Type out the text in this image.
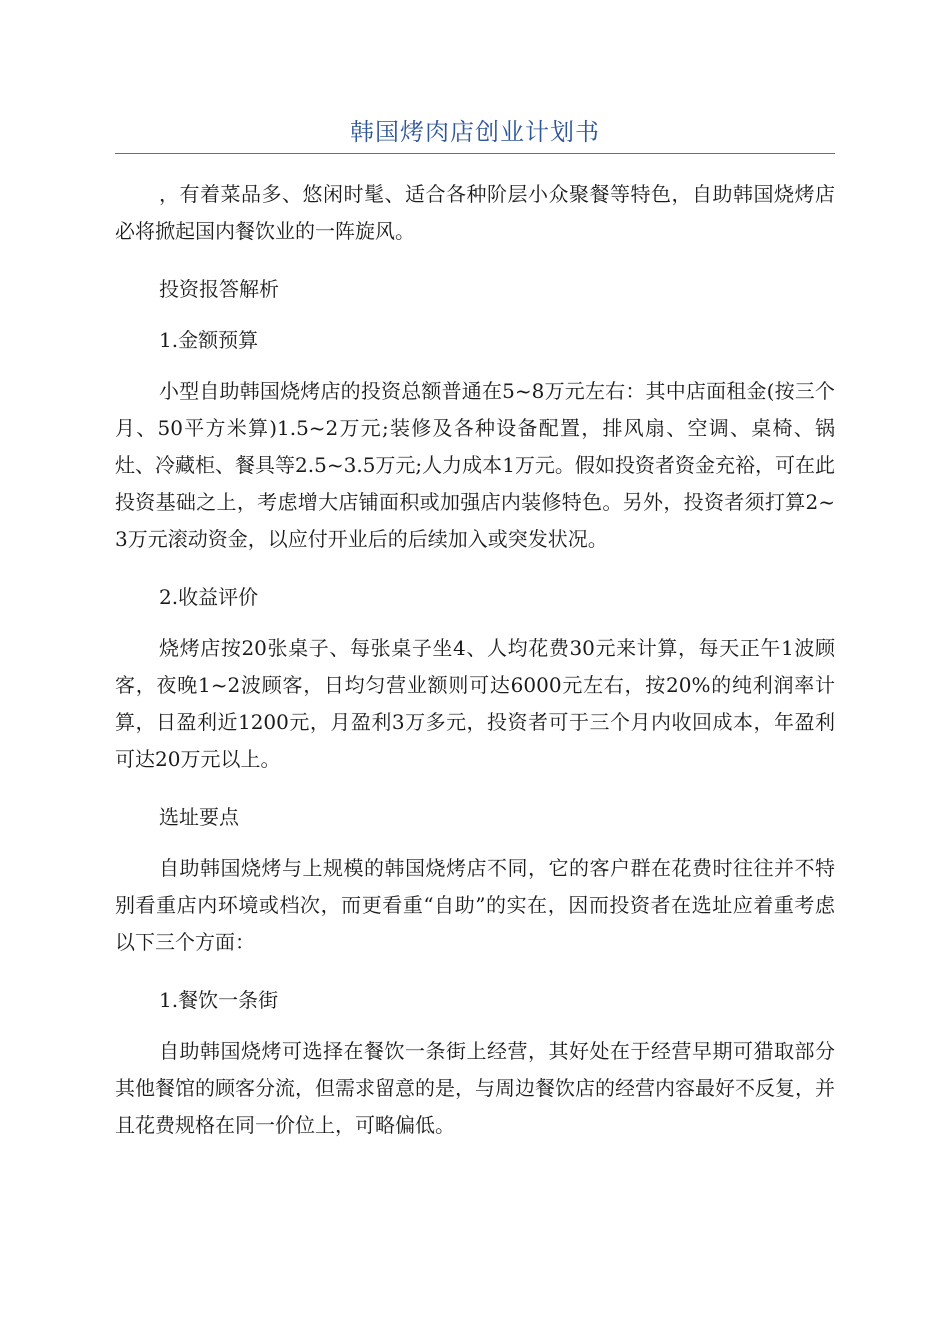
韩国烤肉店创业计划书

，有着菜品多、悠闲时髦、适合各种阶层小众聚餐等特色，自助韩国烧烤店必将掀起国内餐饮业的一阵旋风。

投资报答解析

1.金额预算

小型自助韩国烧烤店的投资总额普通在5~8万元左右：其中店面租金(按三个月、50平方米算)1.5~2万元;装修及各种设备配置，排风扇、空调、桌椅、锅灶、冷藏柜、餐具等2.5~3.5万元;人力成本1万元。假如投资者资金充裕，可在此投资基础之上，考虑增大店铺面积或加强店内装修特色。另外，投资者须打算2~3万元滚动资金，以应付开业后的后续加入或突发状况。

2.收益评价

烧烤店按20张桌子、每张桌子坐4、人均花费30元来计算，每天正午1波顾客，夜晚1~2波顾客，日均匀营业额则可达6000元左右，按20%的纯利润率计算，日盈利近1200元，月盈利3万多元，投资者可于三个月内收回成本，年盈利可达20万元以上。

选址要点

自助韩国烧烤与上规模的韩国烧烤店不同，它的客户群在花费时往往并不特别看重店内环境或档次，而更看重“自助”的实在，因而投资者在选址应着重考虑以下三个方面：

1.餐饮一条街

自助韩国烧烤可选择在餐饮一条街上经营，其好处在于经营早期可猎取部分其他餐馆的顾客分流，但需求留意的是，与周边餐饮店的经营内容最好不反复，并且花费规格在同一价位上，可略偏低。
